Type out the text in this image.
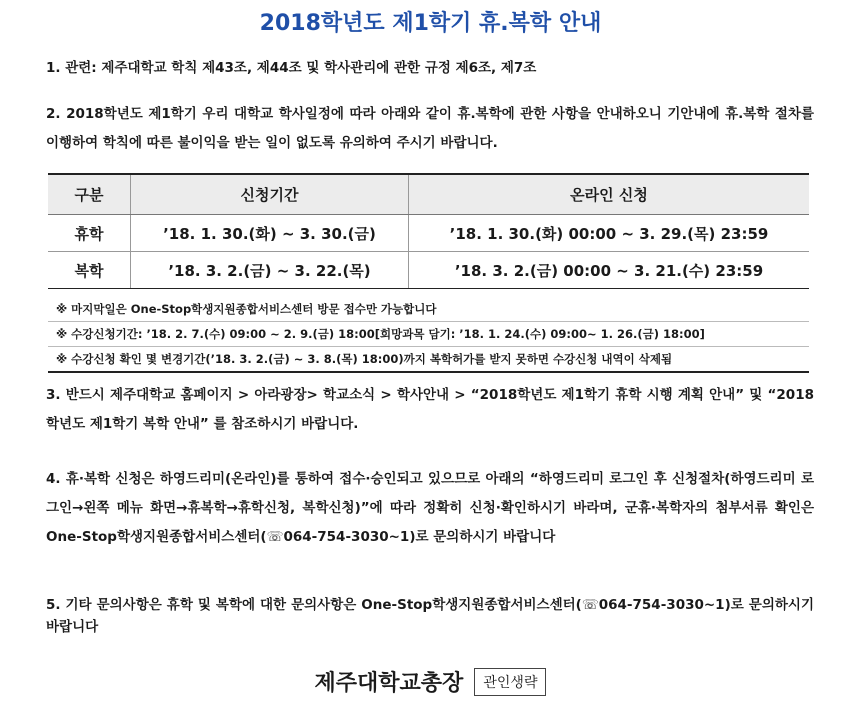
2018학년도 제1학기 휴.복학 안내
1. 관련: 제주대학교 학칙 제43조, 제44조 및 학사관리에 관한 규정 제6조, 제7조
2. 2018학년도 제1학기 우리 대학교 학사일정에 따라 아래와 같이 휴.복학에 관한 사항을 안내하오니 기안내에 휴.복학 절차를 이행하여 학칙에 따른 불이익을 받는 일이 없도록 유의하여 주시기 바랍니다.
구분	신청기간	온라인 신청
휴학	’18. 1. 30.(화) ~ 3. 30.(금)	’18. 1. 30.(화) 00:00 ~ 3. 29.(목) 23:59
복학	’18. 3. 2.(금) ~ 3. 22.(목)	’18. 3. 2.(금) 00:00 ~ 3. 21.(수) 23:59
※ 마지막일은 One-Stop학생지원종합서비스센터 방문 접수만 가능합니다
※ 수강신청기간: ’18. 2. 7.(수) 09:00 ~ 2. 9.(금) 18:00[희망과목 담기: ’18. 1. 24.(수) 09:00~ 1. 26.(금) 18:00]
※ 수강신청 확인 몇 변경기간(’18. 3. 2.(금) ~ 3. 8.(목) 18:00)까지 복학허가를 받지 못하면 수강신청 내역이 삭제됨
3. 반드시 제주대학교 홈페이지 > 아라광장> 학교소식 > 학사안내 > “2018학년도 제1학기 휴학 시행 계획 안내” 및 “2018학년도 제1학기 복학 안내” 를 참조하시기 바랍니다.
4. 휴·복학 신청은 하영드리미(온라인)를 통하여 접수·승인되고 있으므로 아래의 “하영드리미 로그인 후 신청절차(하영드리미 로그인→왼쪽 메뉴 화면→휴복학→휴학신청, 복학신청)”에 따라 정확히 신청·확인하시기 바라며, 군휴·복학자의 첨부서류 확인은 One-Stop학생지원종합서비스센터(☏064-754-3030~1)로 문의하시기 바랍니다
5. 기타 문의사항은 휴학 및 복학에 대한 문의사항은 One-Stop학생지원종합서비스센터(☏064-754-3030~1)로 문의하시기 바랍니다
제주대학교총장 관인생략
